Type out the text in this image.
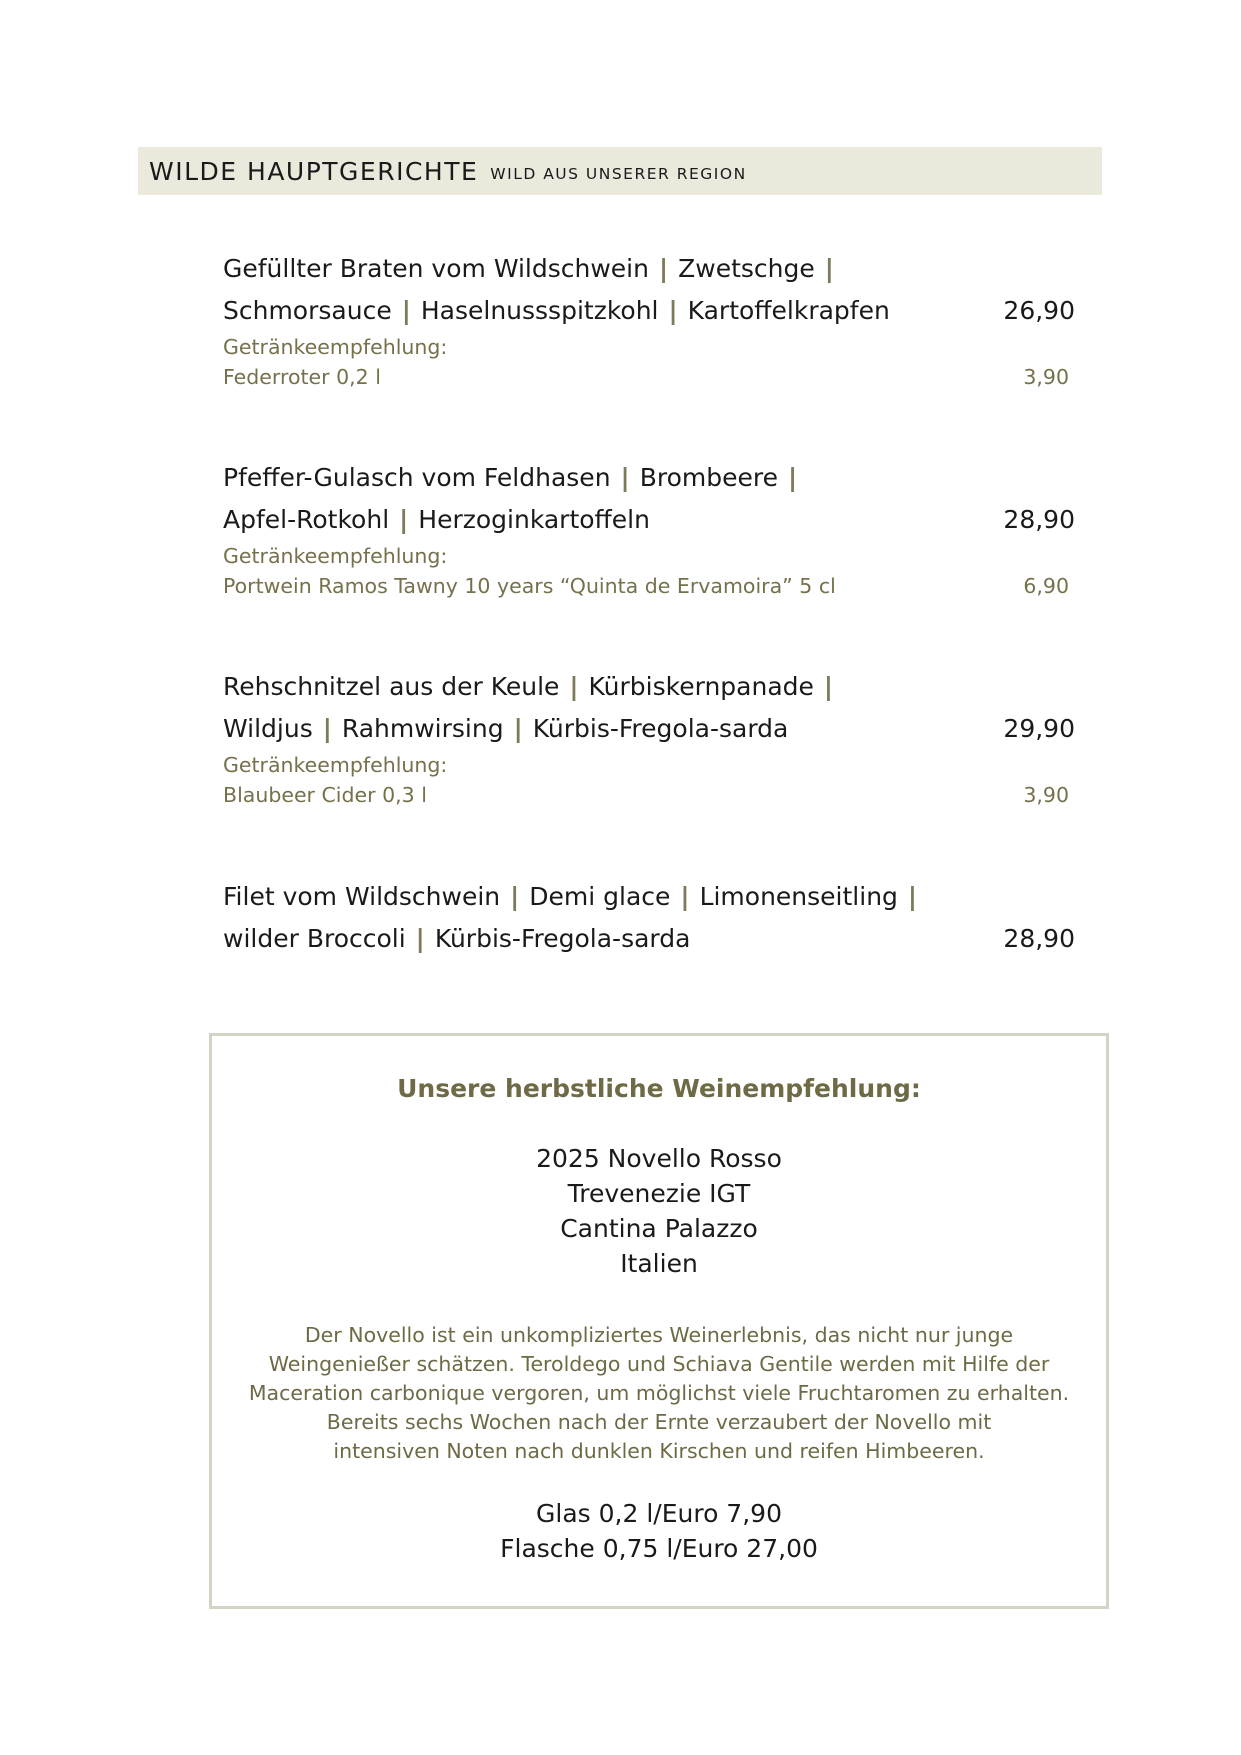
WILDE HAUPTGERICHTE WILD AUS UNSERER REGION
Gefüllter Braten vom Wildschwein | Zwetschge |
Schmorsauce | Haselnussspitzkohl | Kartoffelkrapfen	26,90
Getränkeempfehlung:
Federroter 0,2 l	3,90
Pfeffer-Gulasch vom Feldhasen | Brombeere |
Apfel-Rotkohl | Herzoginkartoffeln	28,90
Getränkeempfehlung:
Portwein Ramos Tawny 10 years “Quinta de Ervamoira” 5 cl	6,90
Rehschnitzel aus der Keule | Kürbiskernpanade |
Wildjus | Rahmwirsing | Kürbis-Fregola-sarda	29,90
Getränkeempfehlung:
Blaubeer Cider 0,3 l	3,90
Filet vom Wildschwein | Demi glace | Limonenseitling |
wilder Broccoli | Kürbis-Fregola-sarda	28,90
Unsere herbstliche Weinempfehlung:
2025 Novello Rosso
Trevenezie IGT
Cantina Palazzo
Italien
Der Novello ist ein unkompliziertes Weinerlebnis, das nicht nur junge
Weingenießer schätzen. Teroldego und Schiava Gentile werden mit Hilfe der
Maceration carbonique vergoren, um möglichst viele Fruchtaromen zu erhalten.
Bereits sechs Wochen nach der Ernte verzaubert der Novello mit
intensiven Noten nach dunklen Kirschen und reifen Himbeeren.
Glas 0,2 l/Euro 7,90
Flasche 0,75 l/Euro 27,00
